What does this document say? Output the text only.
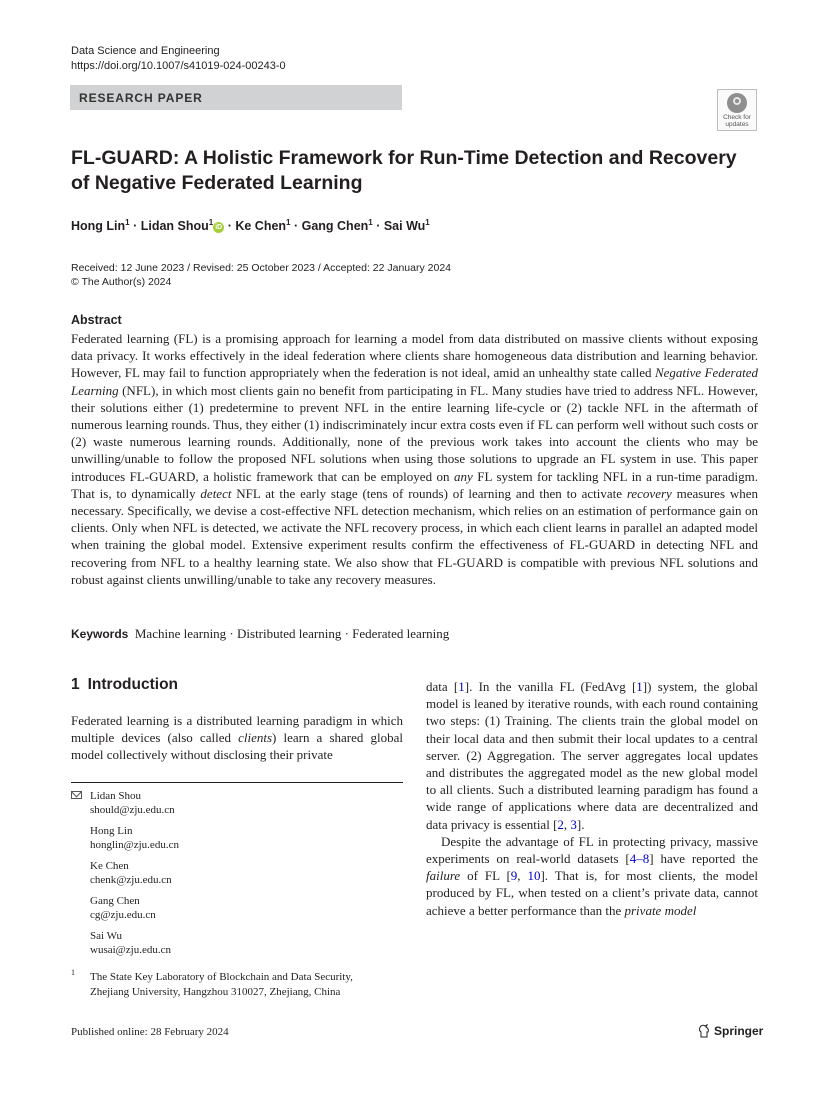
Data Science and Engineering
https://doi.org/10.1007/s41019-024-00243-0
RESEARCH PAPER
Check for
updates
FL-GUARD: A Holistic Framework for Run-Time Detection and Recovery of Negative Federated Learning
Hong Lin$^1$ · Lidan Shou$^1$iD · Ke Chen$^1$ · Gang Chen$^1$ · Sai Wu$^1$
Received: 12 June 2023 / Revised: 25 October 2023 / Accepted: 22 January 2024
© The Author(s) 2024
Abstract

Federated learning (FL) is a promising approach for learning a model from data distributed on massive clients without exposing data privacy. It works effectively in the ideal federation where clients share homogeneous data distribution and learning behavior. However, FL may fail to function appropriately when the federation is not ideal, amid an unhealthy state called Negative Federated Learning (NFL), in which most clients gain no benefit from participating in FL. Many studies have tried to address NFL. However, their solutions either (1) predetermine to prevent NFL in the entire learning life-cycle or (2) tackle NFL in the aftermath of numerous learning rounds. Thus, they either (1) indiscriminately incur extra costs even if FL can perform well without such costs or (2) waste numerous learning rounds. Additionally, none of the previous work takes into account the clients who may be unwilling/unable to follow the proposed NFL solutions when using those solutions to upgrade an FL system in use. This paper introduces FL-GUARD, a holistic framework that can be employed on any FL system for tackling NFL in a run-time paradigm. That is, to dynamically detect NFL at the early stage (tens of rounds) of learning and then to activate recovery measures when necessary. Specifically, we devise a cost-effective NFL detection mechanism, which relies on an estimation of performance gain on clients. Only when NFL is detected, we activate the NFL recovery process, in which each client learns in parallel an adapted model when training the global model. Extensive experiment results confirm the effectiveness of FL-GUARD in detecting NFL and recovering from NFL to a healthy learning state. We also show that FL-GUARD is compatible with previous NFL solutions and robust against clients unwilling/unable to take any recovery measures.

Keywords Machine learning · Distributed learning · Federated learning
1 Introduction

Federated learning is a distributed learning paradigm in which multiple devices (also called clients) learn a shared global model collectively without disclosing their private

Lidan Shou
should@zju.edu.cn
Hong Lin
honglin@zju.edu.cn
Ke Chen
chenk@zju.edu.cn
Gang Chen
cg@zju.edu.cn
Sai Wu
wusai@zju.edu.cn
1 The State Key Laboratory of Blockchain and Data Security, Zhejiang University, Hangzhou 310027, Zhejiang, China

data [1]. In the vanilla FL (FedAvg [1]) system, the global model is leaned by iterative rounds, with each round containing two steps: (1) Training. The clients train the global model on their local data and then submit their local updates to a central server. (2) Aggregation. The server aggregates local updates and distributes the aggregated model as the new global model to all clients. Such a distributed learning paradigm has found a wide range of applications where data are decentralized and data privacy is essential [2, 3].

Despite the advantage of FL in protecting privacy, massive experiments on real-world datasets [4–8] have reported the failure of FL [9, 10]. That is, for most clients, the model produced by FL, when tested on a client’s private data, cannot achieve a better performance than the private model

Published online: 28 February 2024	Springer
